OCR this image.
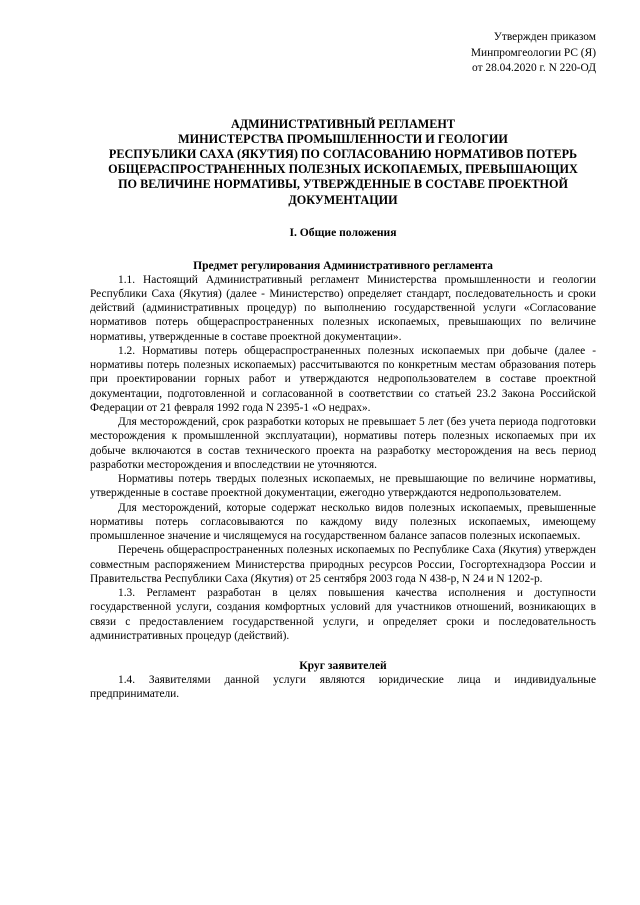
Утвержден приказом
Минпромгеологии РС (Я)
от 28.04.2020 г. N 220-ОД
АДМИНИСТРАТИВНЫЙ РЕГЛАМЕНТ
МИНИСТЕРСТВА ПРОМЫШЛЕННОСТИ И ГЕОЛОГИИ
РЕСПУБЛИКИ САХА (ЯКУТИЯ) ПО СОГЛАСОВАНИЮ НОРМАТИВОВ ПОТЕРЬ
ОБЩЕРАСПРОСТРАНЕННЫХ ПОЛЕЗНЫХ ИСКОПАЕМЫХ, ПРЕВЫШАЮЩИХ
ПО ВЕЛИЧИНЕ НОРМАТИВЫ, УТВЕРЖДЕННЫЕ В СОСТАВЕ ПРОЕКТНОЙ
ДОКУМЕНТАЦИИ
I. Общие положения
Предмет регулирования Административного регламента

1.1. Настоящий Административный регламент Министерства промышленности и геологии Республики Саха (Якутия) (далее - Министерство) определяет стандарт, последовательность и сроки действий (административных процедур) по выполнению государственной услуги «Согласование нормативов потерь общераспространенных полезных ископаемых, превышающих по величине нормативы, утвержденные в составе проектной документации».

1.2. Нормативы потерь общераспространенных полезных ископаемых при добыче (далее - нормативы потерь полезных ископаемых) рассчитываются по конкретным местам образования потерь при проектировании горных работ и утверждаются недропользователем в составе проектной документации, подготовленной и согласованной в соответствии со статьей 23.2 Закона Российской Федерации от 21 февраля 1992 года N 2395-1 «О недрах».

Для месторождений, срок разработки которых не превышает 5 лет (без учета периода подготовки месторождения к промышленной эксплуатации), нормативы потерь полезных ископаемых при их добыче включаются в состав технического проекта на разработку месторождения на весь период разработки месторождения и впоследствии не уточняются.

Нормативы потерь твердых полезных ископаемых, не превышающие по величине нормативы, утвержденные в составе проектной документации, ежегодно утверждаются недропользователем.

Для месторождений, которые содержат несколько видов полезных ископаемых, превышенные нормативы потерь согласовываются по каждому виду полезных ископаемых, имеющему промышленное значение и числящемуся на государственном балансе запасов полезных ископаемых.

Перечень общераспространенных полезных ископаемых по Республике Саха (Якутия) утвержден совместным распоряжением Министерства природных ресурсов России, Госгортехнадзора России и Правительства Республики Саха (Якутия) от 25 сентября 2003 года N 438-р, N 24 и N 1202-р.

1.3. Регламент разработан в целях повышения качества исполнения и доступности государственной услуги, создания комфортных условий для участников отношений, возникающих в связи с предоставлением государственной услуги, и определяет сроки и последовательность административных процедур (действий).

Круг заявителей

1.4. Заявителями данной услуги являются юридические лица и индивидуальные предприниматели.
